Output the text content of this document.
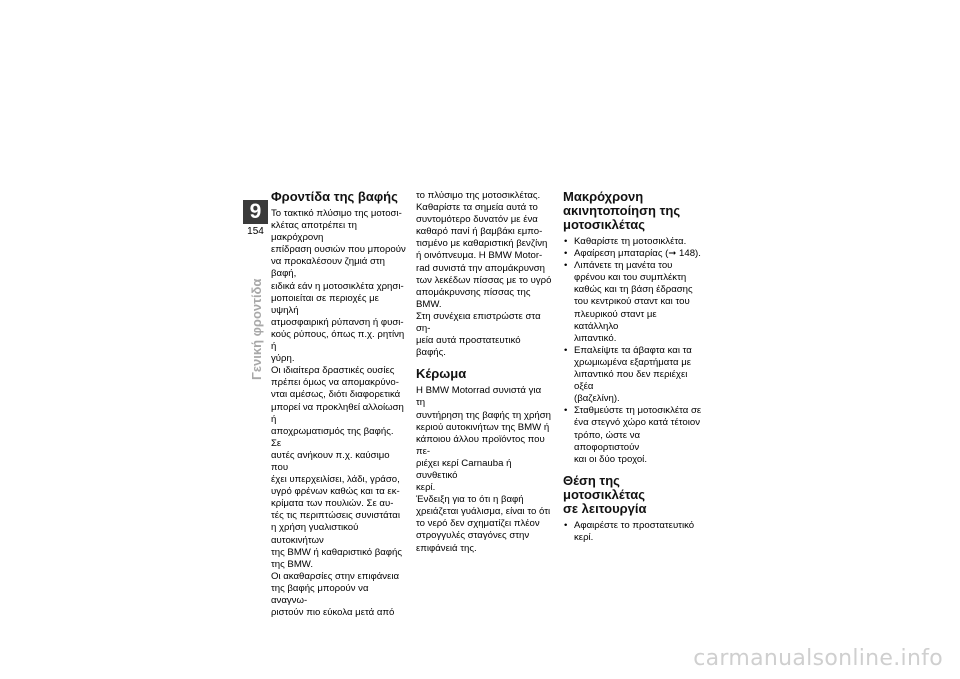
9
154
Γενική φροντίδα
Φροντίδα της βαφής

Το τακτικό πλύσιμο της μοτοσι-
κλέτας αποτρέπει τη μακρόχρονη
επίδραση ουσιών που μπορούν
να προκαλέσουν ζημιά στη βαφή,
ειδικά εάν η μοτοσικλέτα χρησι-
μοποιείται σε περιοχές με υψηλή
ατμοσφαιρική ρύπανση ή φυσι-
κούς ρύπους, όπως π.χ. ρητίνη ή
γύρη.

Οι ιδιαίτερα δραστικές ουσίες
πρέπει όμως να απομακρύνο-
νται αμέσως, διότι διαφορετικά
μπορεί να προκληθεί αλλοίωση ή
αποχρωματισμός της βαφής. Σε
αυτές ανήκουν π.χ. καύσιμο που
έχει υπερχειλίσει, λάδι, γράσο,
υγρό φρένων καθώς και τα εκ-
κρίματα των πουλιών. Σε αυ-
τές τις περιπτώσεις συνιστάται
η χρήση γυαλιστικού αυτοκινήτων
της BMW ή καθαριστικό βαφής
της BMW.

Οι ακαθαρσίες στην επιφάνεια
της βαφής μπορούν να αναγνω-
ριστούν πιο εύκολα μετά από

το πλύσιμο της μοτοσικλέτας.
Καθαρίστε τα σημεία αυτά το
συντομότερο δυνατόν με ένα
καθαρό πανί ή βαμβάκι εμπο-
τισμένο με καθαριστική βενζίνη
ή οινόπνευμα. Η BMW Motor-
rad συνιστά την απομάκρυνση
των λεκέδων πίσσας με το υγρό
απομάκρυνσης πίσσας της BMW.
Στη συνέχεια επιστρώστε στα ση-
μεία αυτά προστατευτικό βαφής.

Κέρωμα

Η BMW Motorrad συνιστά για τη
συντήρηση της βαφής τη χρήση
κεριού αυτοκινήτων της BMW ή
κάποιου άλλου προϊόντος που πε-
ριέχει κερί Carnauba ή συνθετικό
κερί.

Ένδειξη για το ότι η βαφή
χρειάζεται γυάλισμα, είναι το ότι
το νερό δεν σχηματίζει πλέον
στρογγυλές σταγόνες στην
επιφάνειά της.

Μακρόχρονη
ακινητοποίηση της
μοτοσικλέτας
• Καθαρίστε τη μοτοσικλέτα.
• Αφαίρεση μπαταρίας (➞ 148).
• Λιπάνετε τη μανέτα του
φρένου και του συμπλέκτη
καθώς και τη βάση έδρασης
του κεντρικού σταντ και του
πλευρικού σταντ με κατάλληλο
λιπαντικό.
• Επαλείψτε τα άβαφτα και τα
χρωμιωμένα εξαρτήματα με
λιπαντικό που δεν περιέχει οξέα
(βαζελίνη).
• Σταθμεύστε τη μοτοσικλέτα σε
ένα στεγνό χώρο κατά τέτοιον
τρόπο, ώστε να αποφορτιστούν
και οι δύο τροχοί.
Θέση της μοτοσικλέτας
σε λειτουργία
• Αφαιρέστε το προστατευτικό
κερί.
carmanualsonline.info
